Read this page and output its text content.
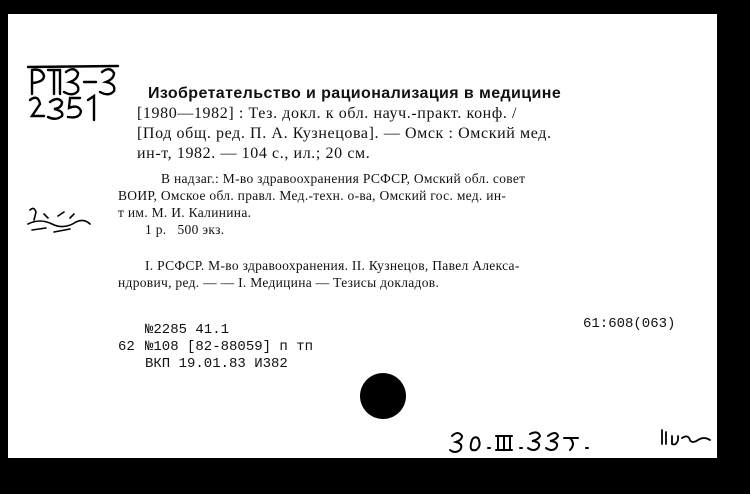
Изобретательство и рационализация в медицине
[1980—1982] : Тез. докл. к обл. науч.-практ. конф. /
[Под общ. ред. П. А. Кузнецова]. — Омск : Омский мед.
ин-т, 1982. — 104 с., ил.; 20 см.
В надзаг.: М-во здравоохранения РСФСР, Омский обл. совет
ВОИР, Омское обл. правл. Мед.-техн. о-ва, Омский гос. мед. ин-
т им. М. И. Калинина.
1 р.   500 экз.
I. РСФСР. М-во здравоохранения. II. Кузнецов, Павел Алекса-
ндрович, ред. — — I. Медицина — Тезисы докладов.
61:608(063)
№2285 41.1
62 №108 [82-88059] п тп
ВКП 19.01.83 И382
